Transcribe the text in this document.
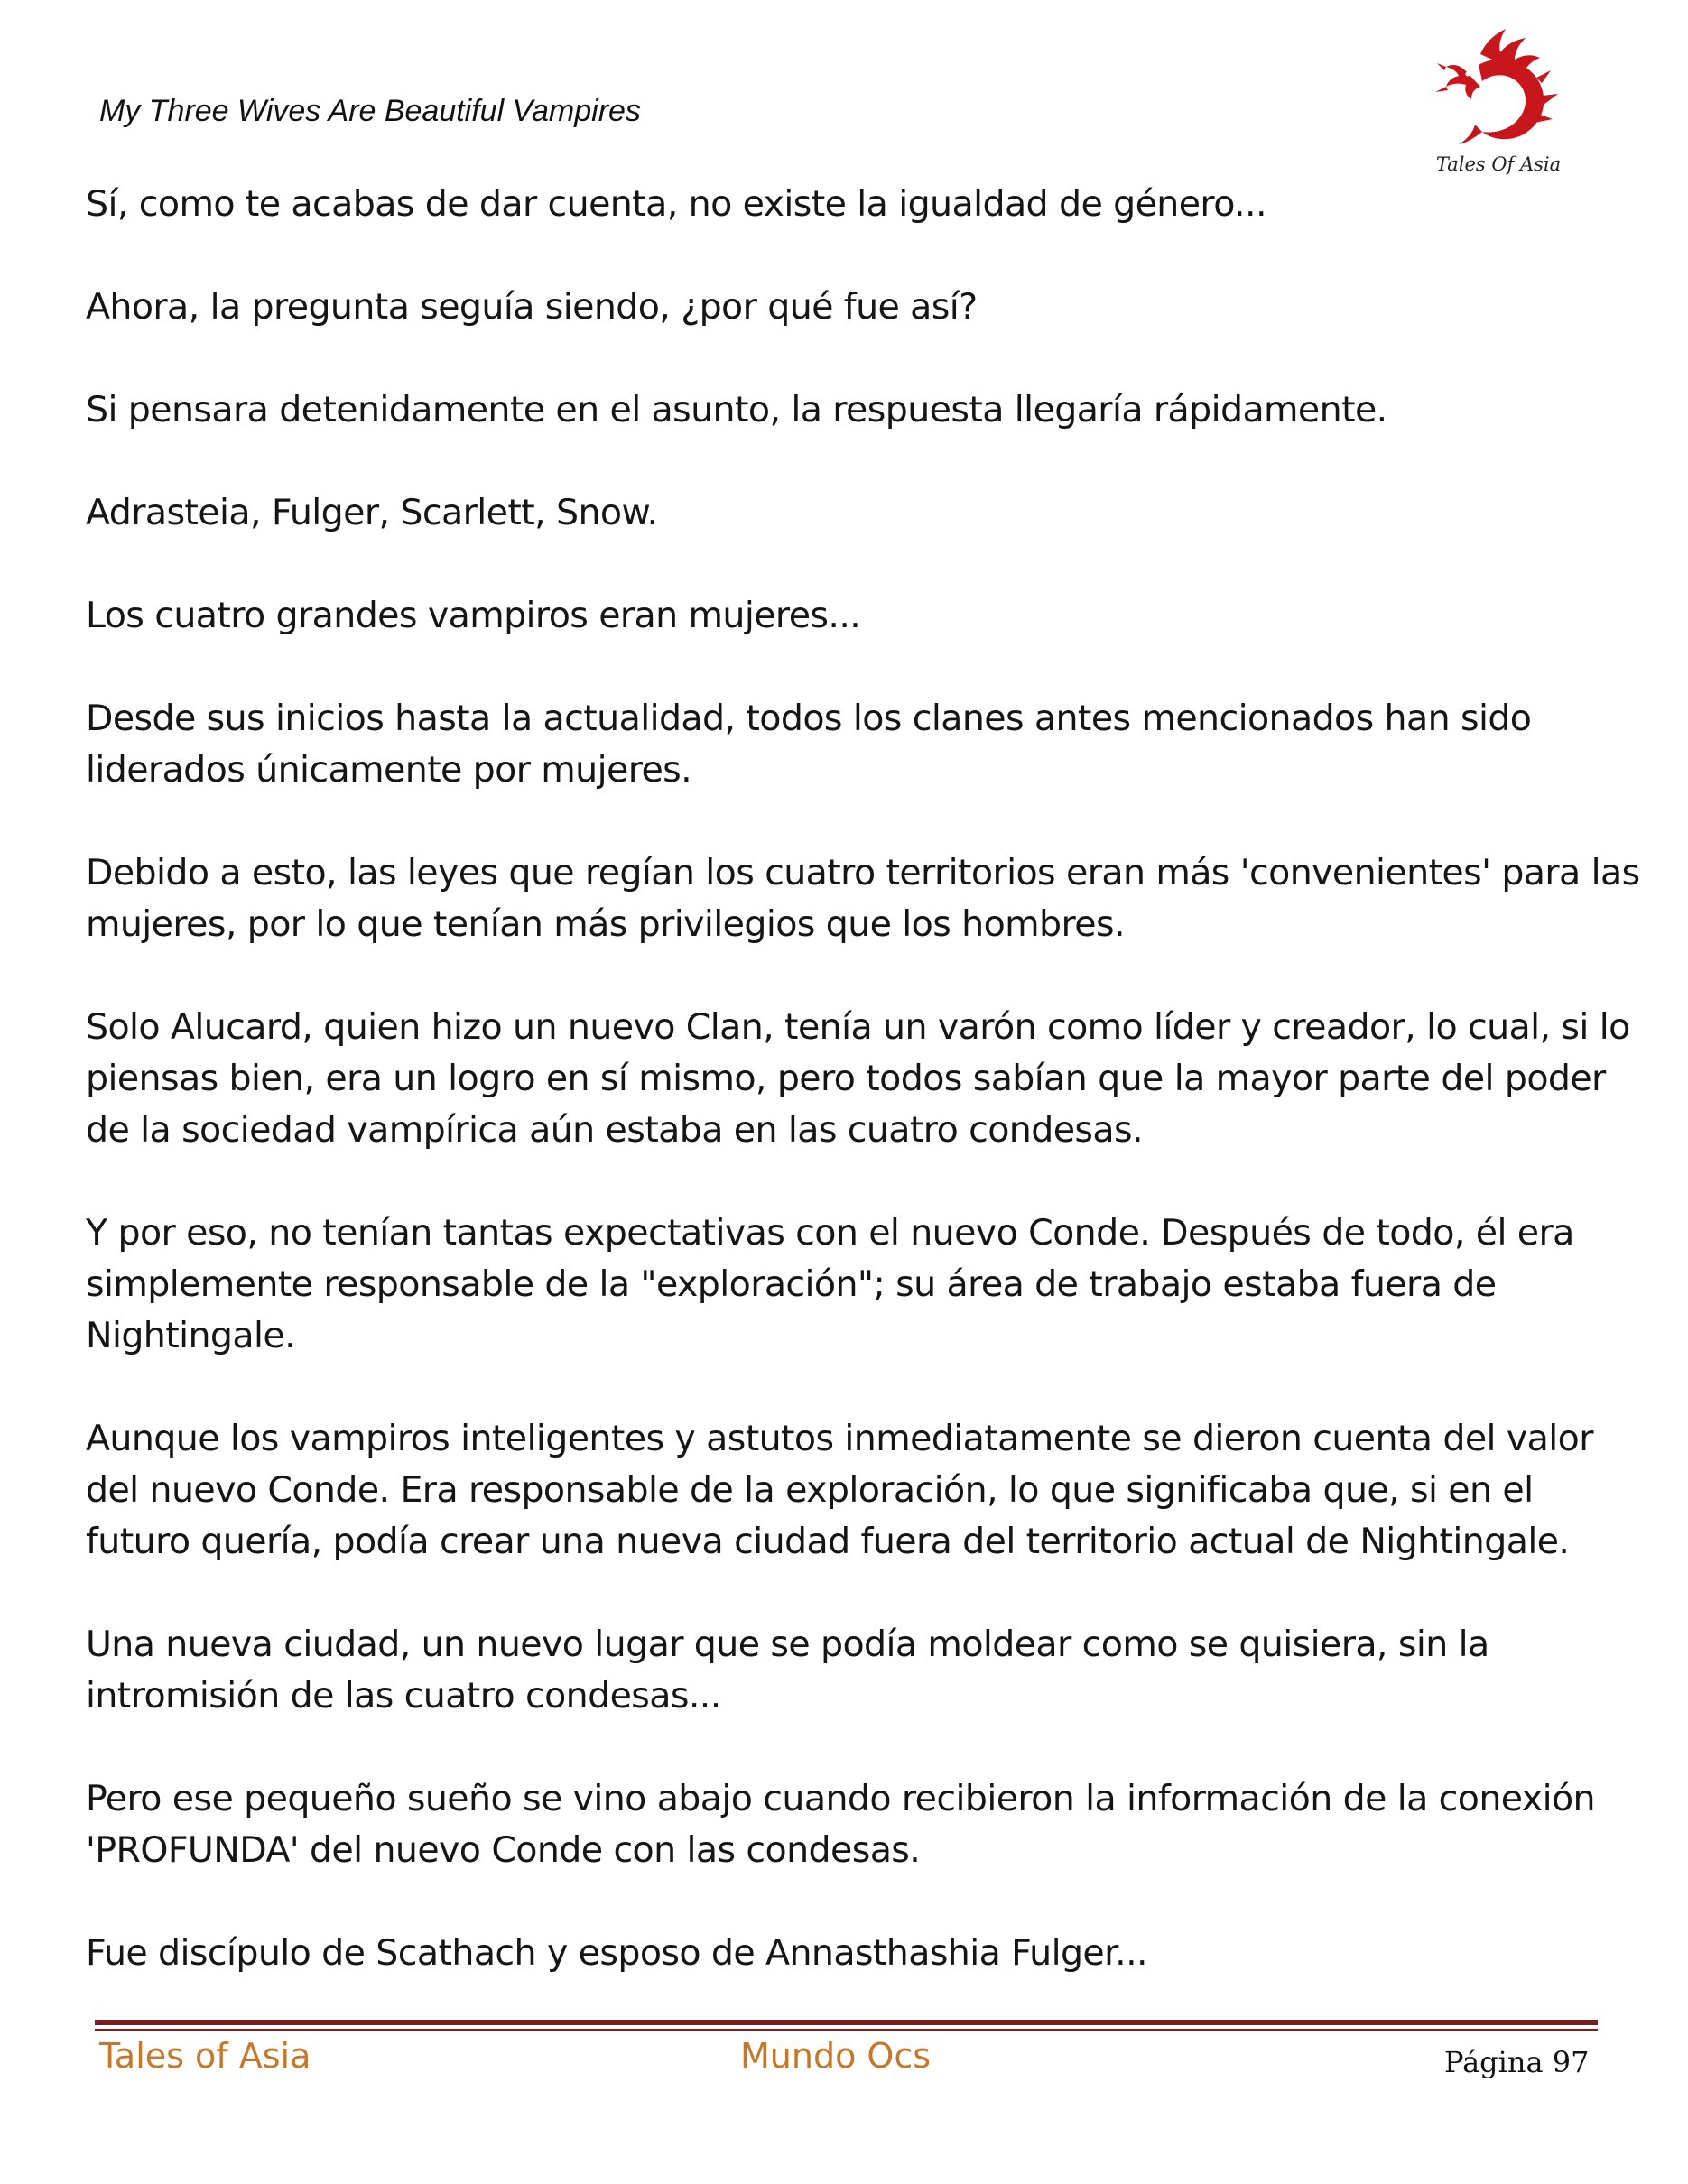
My Three Wives Are Beautiful Vampires
Tales Of Asia

Sí, como te acabas de dar cuenta, no existe la igualdad de género...

Ahora, la pregunta seguía siendo, ¿por qué fue así?

Si pensara detenidamente en el asunto, la respuesta llegaría rápidamente.

Adrasteia, Fulger, Scarlett, Snow.

Los cuatro grandes vampiros eran mujeres...

Desde sus inicios hasta la actualidad, todos los clanes antes mencionados han sido
liderados únicamente por mujeres.

Debido a esto, las leyes que regían los cuatro territorios eran más 'convenientes' para las
mujeres, por lo que tenían más privilegios que los hombres.

Solo Alucard, quien hizo un nuevo Clan, tenía un varón como líder y creador, lo cual, si lo
piensas bien, era un logro en sí mismo, pero todos sabían que la mayor parte del poder
de la sociedad vampírica aún estaba en las cuatro condesas.

Y por eso, no tenían tantas expectativas con el nuevo Conde. Después de todo, él era
simplemente responsable de la "exploración"; su área de trabajo estaba fuera de
Nightingale.

Aunque los vampiros inteligentes y astutos inmediatamente se dieron cuenta del valor
del nuevo Conde. Era responsable de la exploración, lo que significaba que, si en el
futuro quería, podía crear una nueva ciudad fuera del territorio actual de Nightingale.

Una nueva ciudad, un nuevo lugar que se podía moldear como se quisiera, sin la
intromisión de las cuatro condesas...

Pero ese pequeño sueño se vino abajo cuando recibieron la información de la conexión
'PROFUNDA' del nuevo Conde con las condesas.

Fue discípulo de Scathach y esposo de Annasthashia Fulger...

Tales of Asia	Mundo Ocs	Página 97
